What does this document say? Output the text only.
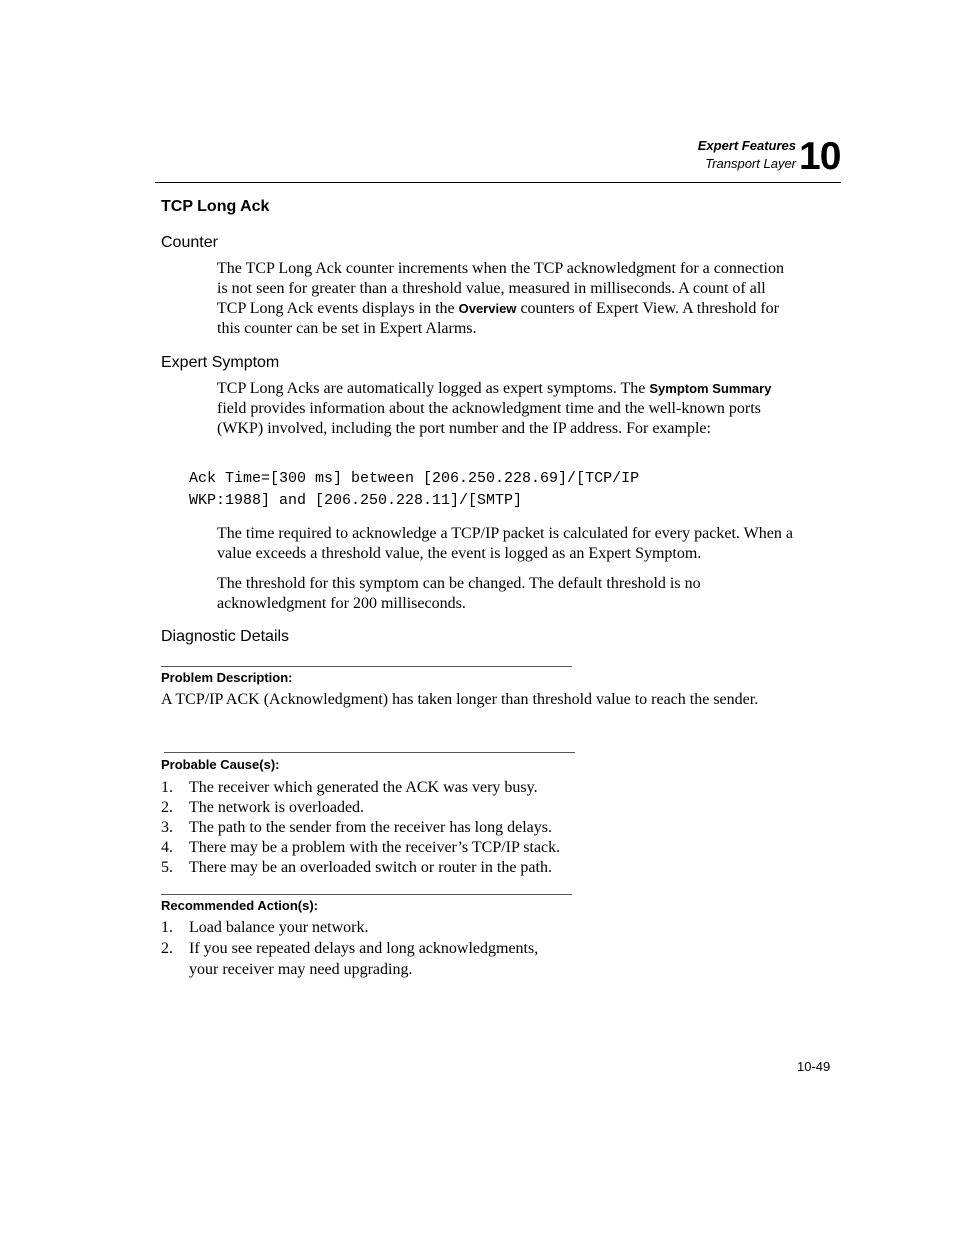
Expert Features
Transport Layer 10
TCP Long Ack
Counter

The TCP Long Ack counter increments when the TCP acknowledgment for a connection is not seen for greater than a threshold value, measured in milliseconds. A count of all TCP Long Ack events displays in the Overview counters of Expert View. A threshold for this counter can be set in Expert Alarms.

Expert Symptom

TCP Long Acks are automatically logged as expert symptoms. The Symptom Summary field provides information about the acknowledgment time and the well-known ports (WKP) involved, including the port number and the IP address. For example:

Ack Time=[300 ms] between [206.250.228.69]/[TCP/IP
WKP:1988] and [206.250.228.11]/[SMTP]

The time required to acknowledge a TCP/IP packet is calculated for every packet. When a value exceeds a threshold value, the event is logged as an Expert Symptom.

The threshold for this symptom can be changed. The default threshold is no acknowledgment for 200 milliseconds.

Diagnostic Details
Problem Description:

A TCP/IP ACK (Acknowledgment) has taken longer than threshold value to reach the sender.

Probable Cause(s):
1. The receiver which generated the ACK was very busy.
2. The network is overloaded.
3. The path to the sender from the receiver has long delays.
4. There may be a problem with the receiver’s TCP/IP stack.
5. There may be an overloaded switch or router in the path.
Recommended Action(s):
1. Load balance your network.
2. If you see repeated delays and long acknowledgments, your receiver may need upgrading.
10-49
